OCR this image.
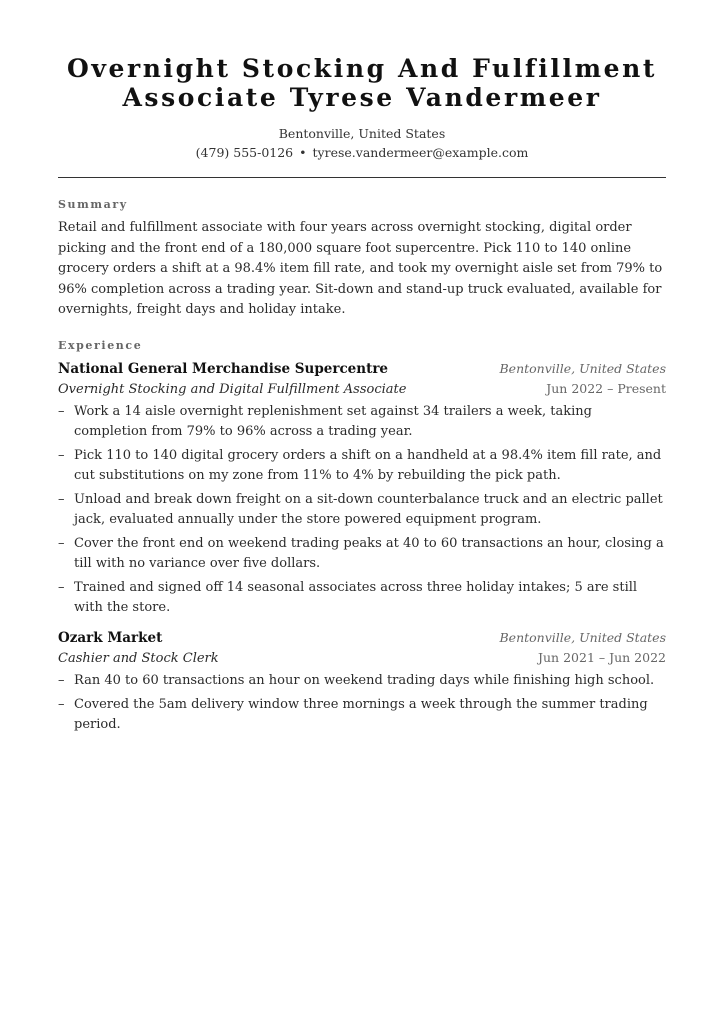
Overnight Stocking And Fulfillment
Associate Tyrese Vandermeer
Bentonville, United States
(479) 555-0126 • tyrese.vandermeer@example.com
Summary
Retail and fulfillment associate with four years across overnight stocking, digital order picking and the front end of a 180,000 square foot supercentre. Pick 110 to 140 online grocery orders a shift at a 98.4% item fill rate, and took my overnight aisle set from 79% to 96% completion across a trading year. Sit-down and stand-up truck evaluated, available for overnights, freight days and holiday intake.
Experience
National General Merchandise Supercentre	Bentonville, United States
Overnight Stocking and Digital Fulfillment Associate	Jun 2022 – Present
– Work a 14 aisle overnight replenishment set against 34 trailers a week, taking completion from 79% to 96% across a trading year.
– Pick 110 to 140 digital grocery orders a shift on a handheld at a 98.4% item fill rate, and cut substitutions on my zone from 11% to 4% by rebuilding the pick path.
– Unload and break down freight on a sit-down counterbalance truck and an electric pallet jack, evaluated annually under the store powered equipment program.
– Cover the front end on weekend trading peaks at 40 to 60 transactions an hour, closing a till with no variance over five dollars.
– Trained and signed off 14 seasonal associates across three holiday intakes; 5 are still with the store.
Ozark Market	Bentonville, United States
Cashier and Stock Clerk	Jun 2021 – Jun 2022
– Ran 40 to 60 transactions an hour on weekend trading days while finishing high school.
– Covered the 5am delivery window three mornings a week through the summer trading period.
